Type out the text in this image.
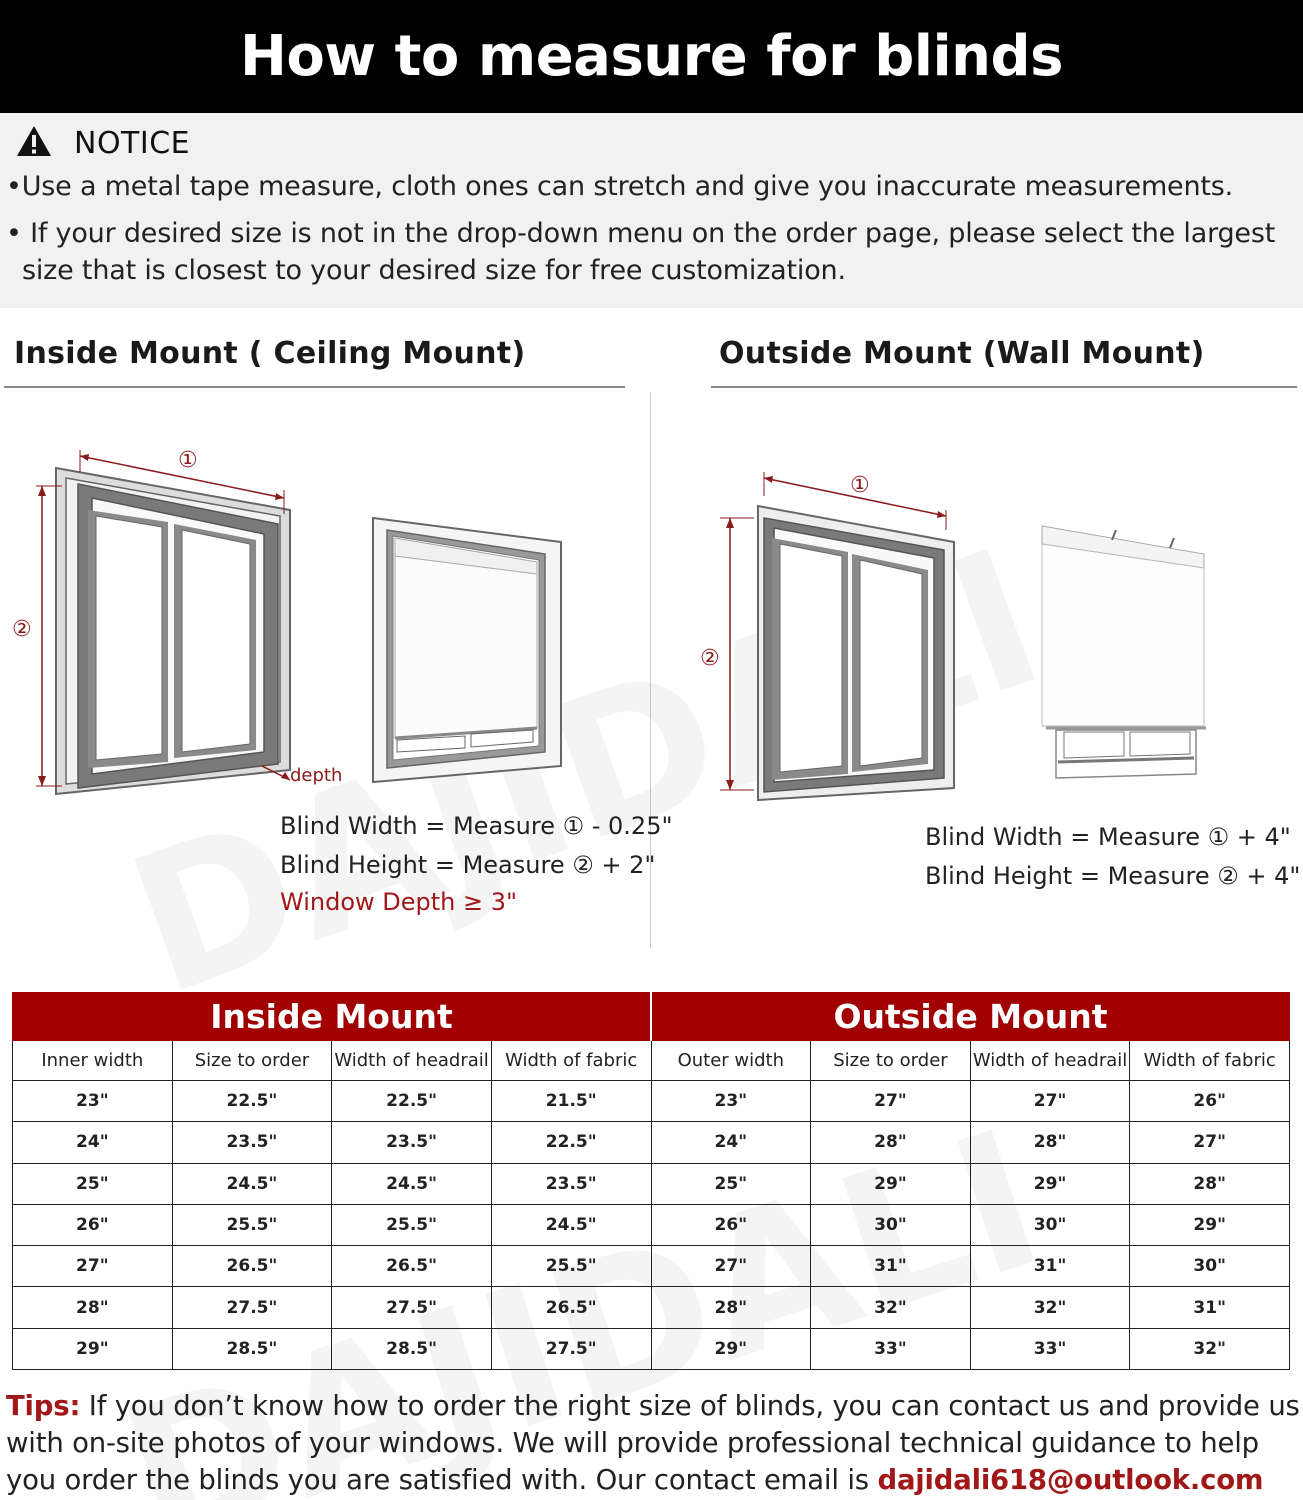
How to measure for blinds
NOTICE
•Use a metal tape measure, cloth ones can stretch and give you inaccurate measurements.
• If your desired size is not in the drop-down menu on the order page, please select the largest
size that is closest to your desired size for free customization.
Inside Mount ( Ceiling Mount)	Outside Mount (Wall Mount)
①
②
depth
Blind Width = Measure ① - 0.25"
Blind Height = Measure ② + 2"
Window Depth ≥ 3"
①
②
Blind Width = Measure ① + 4"
Blind Height = Measure ② + 4"
Inside Mount				Outside Mount			
Inner width	Size to order	Width of headrail	Width of fabric	Outer width	Size to order	Width of headrail	Width of fabric
23"	22.5"	22.5"	21.5"	23"	27"	27"	26"
24"	23.5"	23.5"	22.5"	24"	28"	28"	27"
25"	24.5"	24.5"	23.5"	25"	29"	29"	28"
26"	25.5"	25.5"	24.5"	26"	30"	30"	29"
27"	26.5"	26.5"	25.5"	27"	31"	31"	30"
28"	27.5"	27.5"	26.5"	28"	32"	32"	31"
29"	28.5"	28.5"	27.5"	29"	33"	33"	32"
Tips: If you don’t know how to order the right size of blinds, you can contact us and provide us with on-site photos of your windows. We will provide professional technical guidance to help you order the blinds you are satisfied with. Our contact email is dajidali618@outlook.com
